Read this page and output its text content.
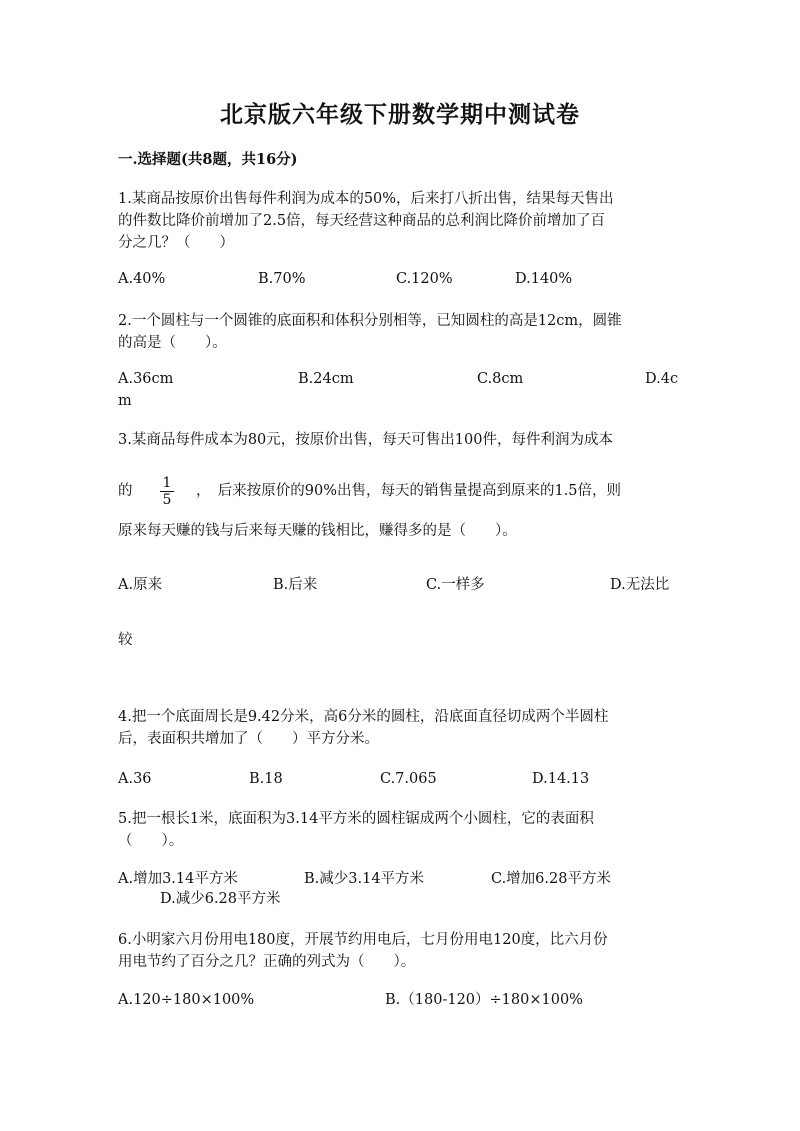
北京版六年级下册数学期中测试卷
一.选择题(共8题，共16分)
1.某商品按原价出售每件利润为成本的50%，后来打八折出售，结果每天售出
的件数比降价前增加了2.5倍，每天经营这种商品的总利润比降价前增加了百
分之几？（　　）
A.40%	B.70%	C.120%	D.140%
2.一个圆柱与一个圆锥的底面积和体积分别相等，已知圆柱的高是12cm，圆锥
的高是（　　）。
A.36cm	B.24cm	C.8cm	D.4c
m
3.某商品每件成本为80元，按原价出售，每天可售出100件，每件利润为成本
的	$\frac{1}{5}$ ，　后来按原价的90%出售，每天的销售量提高到原来的1.5倍，则
原来每天赚的钱与后来每天赚的钱相比，赚得多的是（　　）。
A.原来	B.后来	C.一样多	D.无法比
较
4.把一个底面周长是9.42分米，高6分米的圆柱，沿底面直径切成两个半圆柱
后，表面积共增加了（　　）平方分米。
A.36	B.18	C.7.065	D.14.13
5.把一根长1米，底面积为3.14平方米的圆柱锯成两个小圆柱，它的表面积
（　　）。
A.增加3.14平方米	B.减少3.14平方米	C.增加6.28平方米
D.减少6.28平方米
6.小明家六月份用电180度，开展节约用电后，七月份用电120度，比六月份
用电节约了百分之几？正确的列式为（　　）。
A.120÷180×100%	B.（180-120）÷180×100%
